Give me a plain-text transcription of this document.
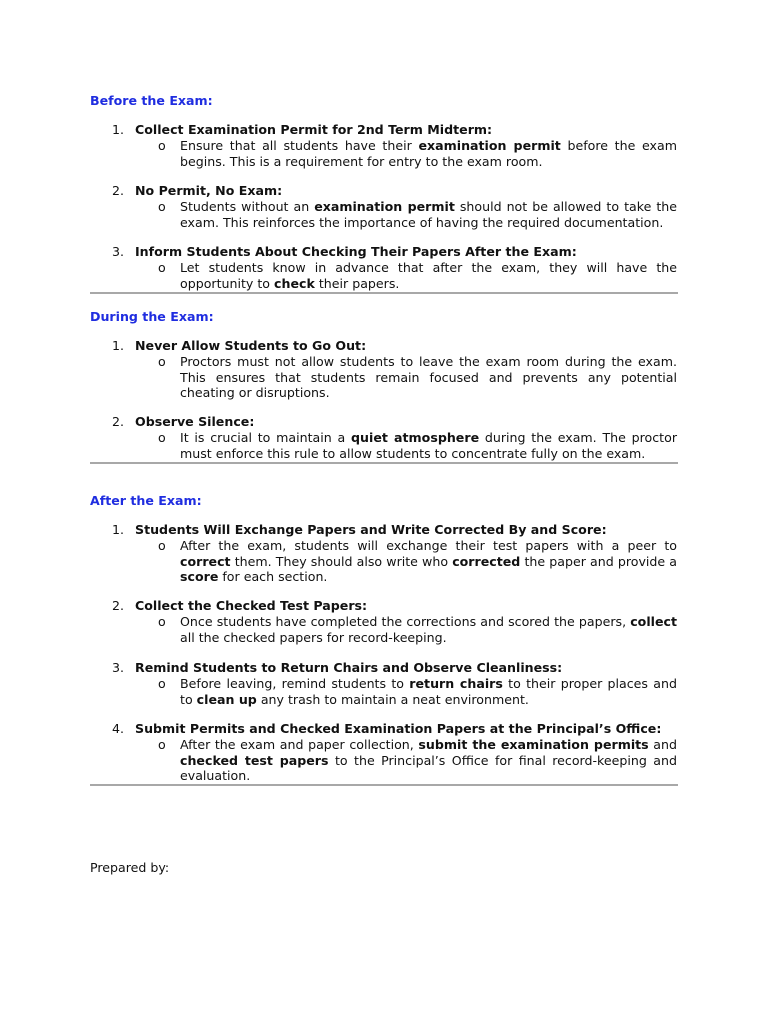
Before the Exam:
1. Collect Examination Permit for 2nd Term Midterm:
o Ensure that all students have their examination permit before the exam begins. This is a requirement for entry to the exam room.
2. No Permit, No Exam:
o Students without an examination permit should not be allowed to take the exam. This reinforces the importance of having the required documentation.
3. Inform Students About Checking Their Papers After the Exam:
o Let students know in advance that after the exam, they will have the opportunity to check their papers.
During the Exam:
1. Never Allow Students to Go Out:
o Proctors must not allow students to leave the exam room during the exam. This ensures that students remain focused and prevents any potential cheating or disruptions.
2. Observe Silence:
o It is crucial to maintain a quiet atmosphere during the exam. The proctor must enforce this rule to allow students to concentrate fully on the exam.
After the Exam:
1. Students Will Exchange Papers and Write Corrected By and Score:
o After the exam, students will exchange their test papers with a peer to correct them. They should also write who corrected the paper and provide a score for each section.
2. Collect the Checked Test Papers:
o Once students have completed the corrections and scored the papers, collect all the checked papers for record-keeping.
3. Remind Students to Return Chairs and Observe Cleanliness:
o Before leaving, remind students to return chairs to their proper places and to clean up any trash to maintain a neat environment.
4. Submit Permits and Checked Examination Papers at the Principal’s Office:
o After the exam and paper collection, submit the examination permits and checked test papers to the Principal’s Office for final record-keeping and evaluation.
Prepared by:
